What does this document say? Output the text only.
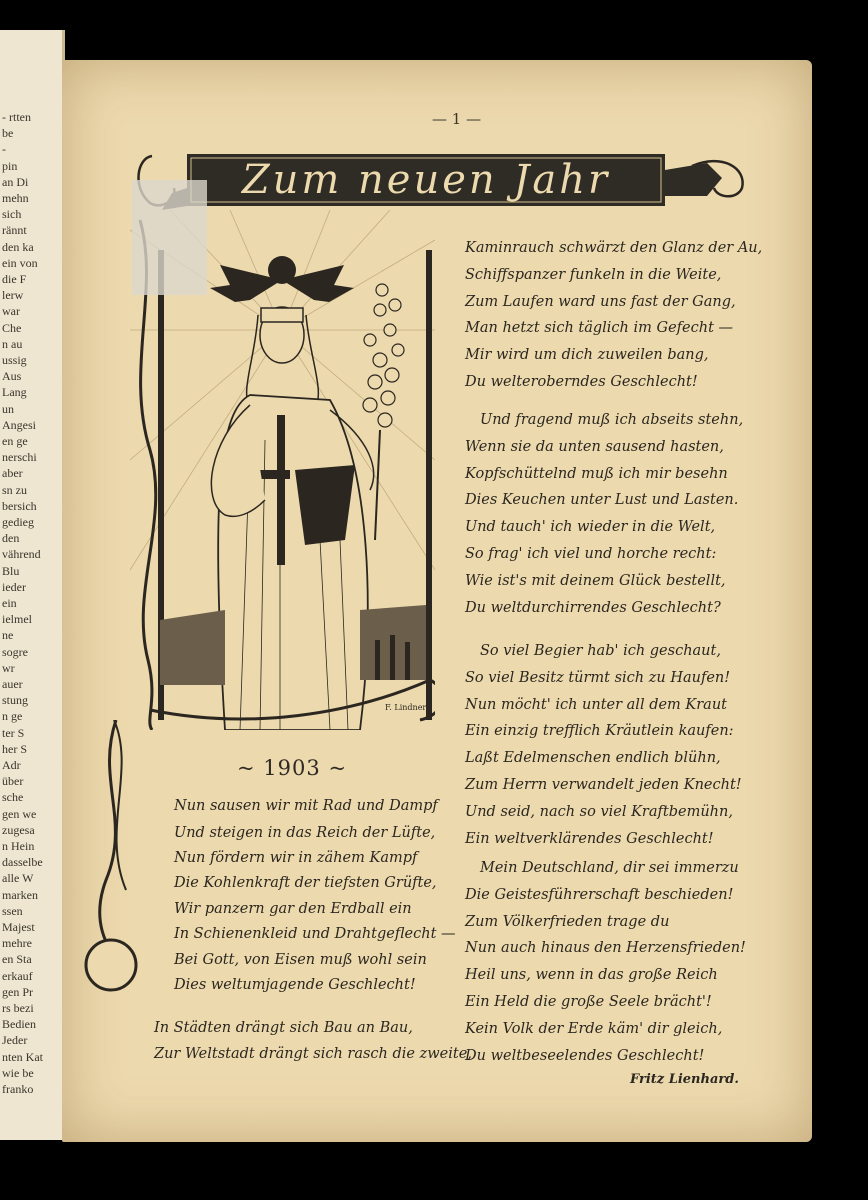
- rtten
be
-
pin
an Di
mehn
sich
rännt
den ka
ein von
die F
lerw
war
Che
n au
ussig
Aus
Lang
un
Angesi
en ge
nerschi
aber
sn zu
bersich
gedieg
den
vährend
Blu
ieder
ein
ielmel
ne
sogre
wr
auer
stung
n ge
ter S
her S
Adr
über
sche
gen we
zugesa
n Hein
dasselbe
alle W
marken
ssen
Majest
mehre
en Sta
erkauf
gen Pr
rs bezi
Bedien
Jeder
nten Kat
wie be
franko
— 1 —
Zum neuen Jahr
F. Lindner
~ 1903 ~
Nun sausen wir mit Rad und Dampf
Und steigen in das Reich der Lüfte,
Nun fördern wir in zähem Kampf
Die Kohlenkraft der tiefsten Grüfte,
Wir panzern gar den Erdball ein
In Schienenkleid und Drahtgeflecht —
Bei Gott, von Eisen muß wohl sein
Dies weltumjagende Geschlecht!
In Städten drängt sich Bau an Bau,
Zur Weltstadt drängt sich rasch die zweite,
Kaminrauch schwärzt den Glanz der Au,
Schiffspanzer funkeln in die Weite,
Zum Laufen ward uns fast der Gang,
Man hetzt sich täglich im Gefecht —
Mir wird um dich zuweilen bang,
Du welteroberndes Geschlecht!
Und fragend muß ich abseits stehn,
Wenn sie da unten sausend hasten,
Kopfschüttelnd muß ich mir besehn
Dies Keuchen unter Lust und Lasten.
Und tauch' ich wieder in die Welt,
So frag' ich viel und horche recht:
Wie ist's mit deinem Glück bestellt,
Du weltdurchirrendes Geschlecht?
So viel Begier hab' ich geschaut,
So viel Besitz türmt sich zu Haufen!
Nun möcht' ich unter all dem Kraut
Ein einzig trefflich Kräutlein kaufen:
Laßt Edelmenschen endlich blühn,
Zum Herrn verwandelt jeden Knecht!
Und seid, nach so viel Kraftbemühn,
Ein weltverklärendes Geschlecht!
Mein Deutschland, dir sei immerzu
Die Geistesführerschaft beschieden!
Zum Völkerfrieden trage du
Nun auch hinaus den Herzensfrieden!
Heil uns, wenn in das große Reich
Ein Held die große Seele brächt'!
Kein Volk der Erde käm' dir gleich,
Du weltbeseelendes Geschlecht!
Fritz Lienhard.
